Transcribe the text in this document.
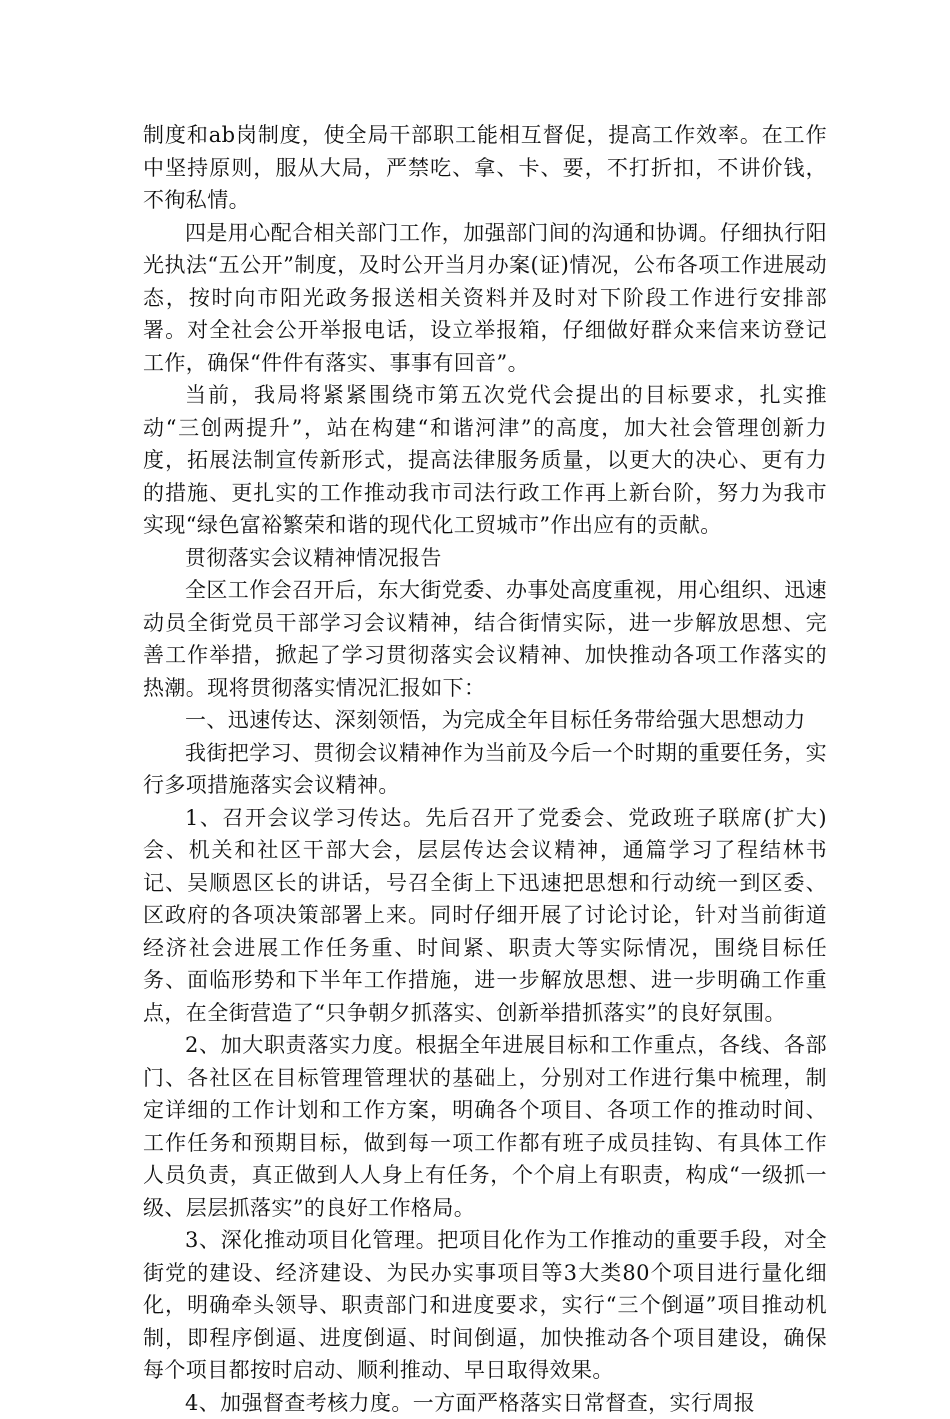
制度和ab岗制度，使全局干部职工能相互督促，提高工作效率。在工作中坚持原则，服从大局，严禁吃、拿、卡、要，不打折扣，不讲价钱，不徇私情。

四是用心配合相关部门工作，加强部门间的沟通和协调。仔细执行阳光执法“五公开”制度，及时公开当月办案(证)情况，公布各项工作进展动态，按时向市阳光政务报送相关资料并及时对下阶段工作进行安排部署。对全社会公开举报电话，设立举报箱，仔细做好群众来信来访登记工作，确保“件件有落实、事事有回音”。

当前，我局将紧紧围绕市第五次党代会提出的目标要求，扎实推动“三创两提升”，站在构建“和谐河津”的高度，加大社会管理创新力度，拓展法制宣传新形式，提高法律服务质量，以更大的决心、更有力的措施、更扎实的工作推动我市司法行政工作再上新台阶，努力为我市实现“绿色富裕繁荣和谐的现代化工贸城市”作出应有的贡献。

贯彻落实会议精神情况报告

全区工作会召开后，东大街党委、办事处高度重视，用心组织、迅速动员全街党员干部学习会议精神，结合街情实际，进一步解放思想、完善工作举措，掀起了学习贯彻落实会议精神、加快推动各项工作落实的热潮。现将贯彻落实情况汇报如下：

一、迅速传达、深刻领悟，为完成全年目标任务带给强大思想动力

我街把学习、贯彻会议精神作为当前及今后一个时期的重要任务，实行多项措施落实会议精神。

1、召开会议学习传达。先后召开了党委会、党政班子联席(扩大)会、机关和社区干部大会，层层传达会议精神，通篇学习了程结林书记、吴顺恩区长的讲话，号召全街上下迅速把思想和行动统一到区委、区政府的各项决策部署上来。同时仔细开展了讨论讨论，针对当前街道经济社会进展工作任务重、时间紧、职责大等实际情况，围绕目标任务、面临形势和下半年工作措施，进一步解放思想、进一步明确工作重点，在全街营造了“只争朝夕抓落实、创新举措抓落实”的良好氛围。

2、加大职责落实力度。根据全年进展目标和工作重点，各线、各部门、各社区在目标管理管理状的基础上，分别对工作进行集中梳理，制定详细的工作计划和工作方案，明确各个项目、各项工作的推动时间、工作任务和预期目标，做到每一项工作都有班子成员挂钩、有具体工作人员负责，真正做到人人身上有任务，个个肩上有职责，构成“一级抓一级、层层抓落实”的良好工作格局。

3、深化推动项目化管理。把项目化作为工作推动的重要手段，对全街党的建设、经济建设、为民办实事项目等3大类80个项目进行量化细化，明确牵头领导、职责部门和进度要求，实行“三个倒逼”项目推动机制，即程序倒逼、进度倒逼、时间倒逼，加快推动各个项目建设，确保每个项目都按时启动、顺利推动、早日取得效果。

4、加强督查考核力度。一方面严格落实日常督查，实行周报
